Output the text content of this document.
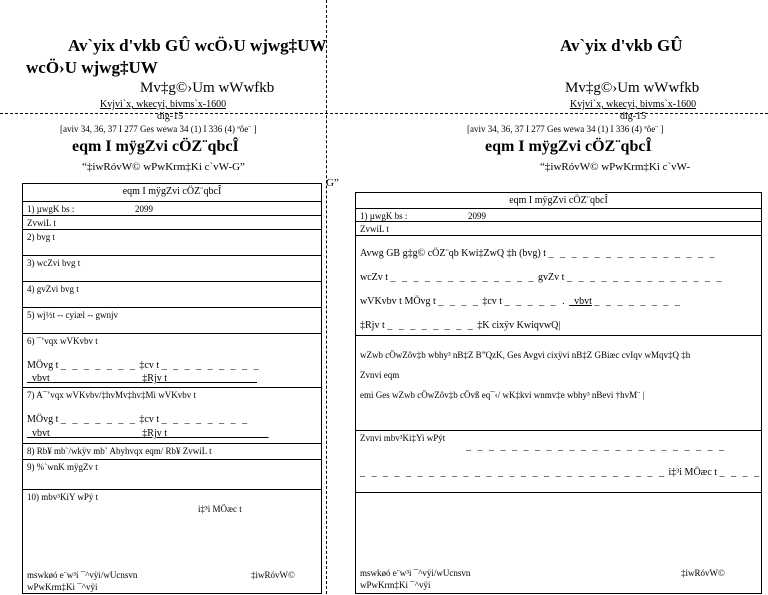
Av`yix d'vkb GÛ wcÖ›U wjwg‡UW
wcÖ›U wjwg‡UW
Mv‡g©›Um wWwfkb
Kvjvi`x, wkecyi, bivms`x-1600
dig-15
[aviv 34, 36, 37 I 277 Ges wewa 34 (1) I 336 (4) ªôe¨ ]
eqm I mÿgZvi cÖZ¨qbcÎ
“‡iwRóvW© wPwKrm‡Ki c`vW-G”
G”
eqm I mÿgZvi cÖZ¨qbcÎ
1) µwgK bs :	2099
ZvwiL t
2) bvg t
3) wcZvi bvg t
4) gvZvi bvg t
5) wj½t -- cyiæl -- gwnjv
6) ¯’vqx wVKvbv t
MÖvg t _ _ _ _ _ _ _ ‡cv t _ _ _ _ _ _ _ _ _
_vbvt _ _ _ _ _ _ _ _ ‡Rjv t _ _ _ _ _ _ _ _
7) A¯’vqx wVKvbv/‡hvMv‡hv‡Mi wVKvbv t
MÖvg t _ _ _ _ _ _ _ ‡cv t _ _ _ _ _ _ _ _
_vbvt _ _ _ _ _ _ _ _ ‡Rjv t _ _ _ _ _ _ _ _ _
8) Rb¥ mb`/wkÿv mb` Abyhvqx eqm/ Rb¥ ZvwiL t
9) %`wnK mÿgZv t
10) mbv³KiY wPý t
i‡³i MÖæc t
mswkøó e¨w³i ¯^vÿi/wUcnsvn
wPwKrm‡Ki ¯^vÿi
‡iwRóvW©
Av`yix d'vkb GÛ
Mv‡g©›Um wWwfkb
Kvjvi`x, wkecyi, bivms`x-1600
dig-15
[aviv 34, 36, 37 I 277 Ges wewa 34 (1) I 336 (4) ªôe¨ ]
eqm I mÿgZvi cÖZ¨qbcÎ
“‡iwRóvW© wPwKrm‡Ki c`vW-
eqm I mÿgZvi cÖZ¨qbcÎ
1) µwgK bs :	2099
ZvwiL t
Avwg GB g‡g© cÖZ¨qb Kwi‡ZwQ ‡h (bvg) t _ _ _ _ _ _ _ _ _ _ _ _ _ _ _
wcZv t _ _ _ _ _ _ _ _ _ _ _ _ _ gvZv t _ _ _ _ _ _ _ _ _ _ _ _ _ _
wVKvbv t MÖvg t _ _ _ _ ‡cv t _ _ _ _ _ . _vbvt _ _ _ _ _ _ _ _
‡Rjv t _ _ _ _ _ _ _ _ ‡K cixÿv KwiqvwQ|
wZwb cÖwZôv‡b wbhy³ nB‡Z B”QzK, Ges Avgvi cixÿvi nB‡Z GBiæc cvIqv wMqv‡Q ‡h
Zvnvi eqm
emi Ges wZwb cÖwZôv‡b cÖvß eq¯‹/ wK‡kvi wnmv‡e wbhy³ nBevi †hvM¨ |
Zvnvi mbv³Ki‡Yi wPýt
_ _ _ _ _ _ _ _ _ _ _ _ _ _ _ _ _ _ _ _ _ _ _
_ _ _ _ _ _ _ _ _ _ _ _ _ _ _ _ _ _ _ _ _ _ _ _ _ _ _ i‡³i MÖæc t _ _ _ _
mswkøó e¨w³i ¯^vÿi/wUcnsvn
wPwKrm‡Ki ¯^vÿi
‡iwRóvW©
